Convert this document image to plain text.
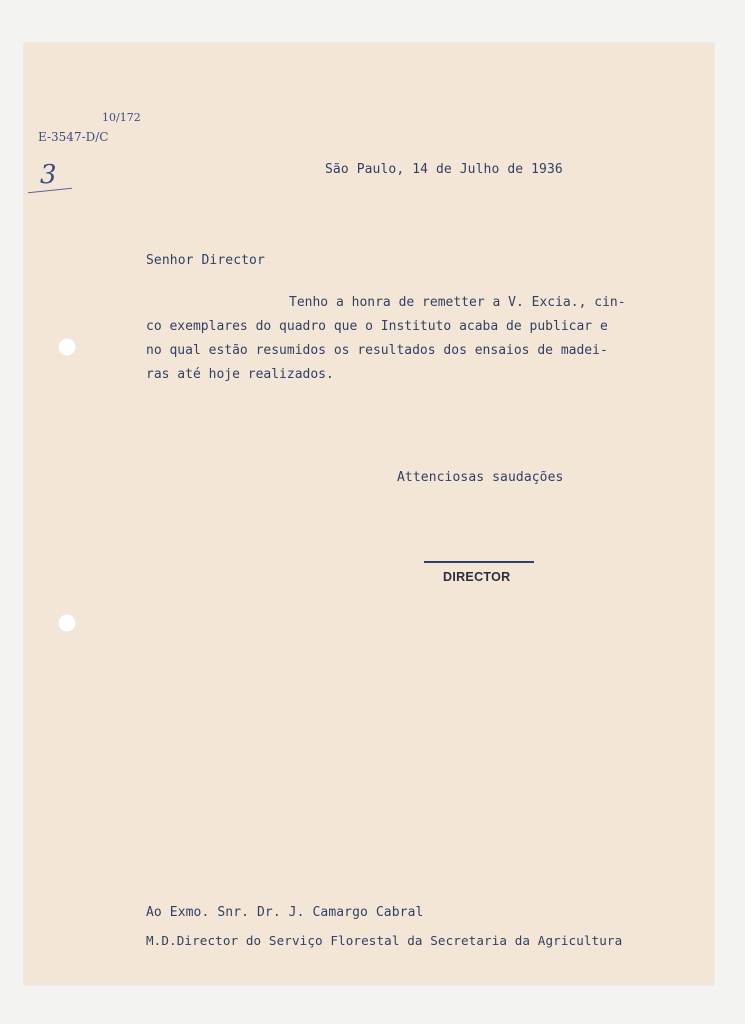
10/172
E-3547-D/C
3	São Paulo, 14 de Julho de 1936
Senhor Director
Tenho a honra de remetter a V. Excia., cin-
co exemplares do quadro que o Instituto acaba de publicar e
no qual estão resumidos os resultados dos ensaios de madei-
ras até hoje realizados.
Attenciosas saudações
DIRECTOR
Ao Exmo. Snr. Dr. J. Camargo Cabral
M.D.Director do Serviço Florestal da Secretaria da Agricultura
